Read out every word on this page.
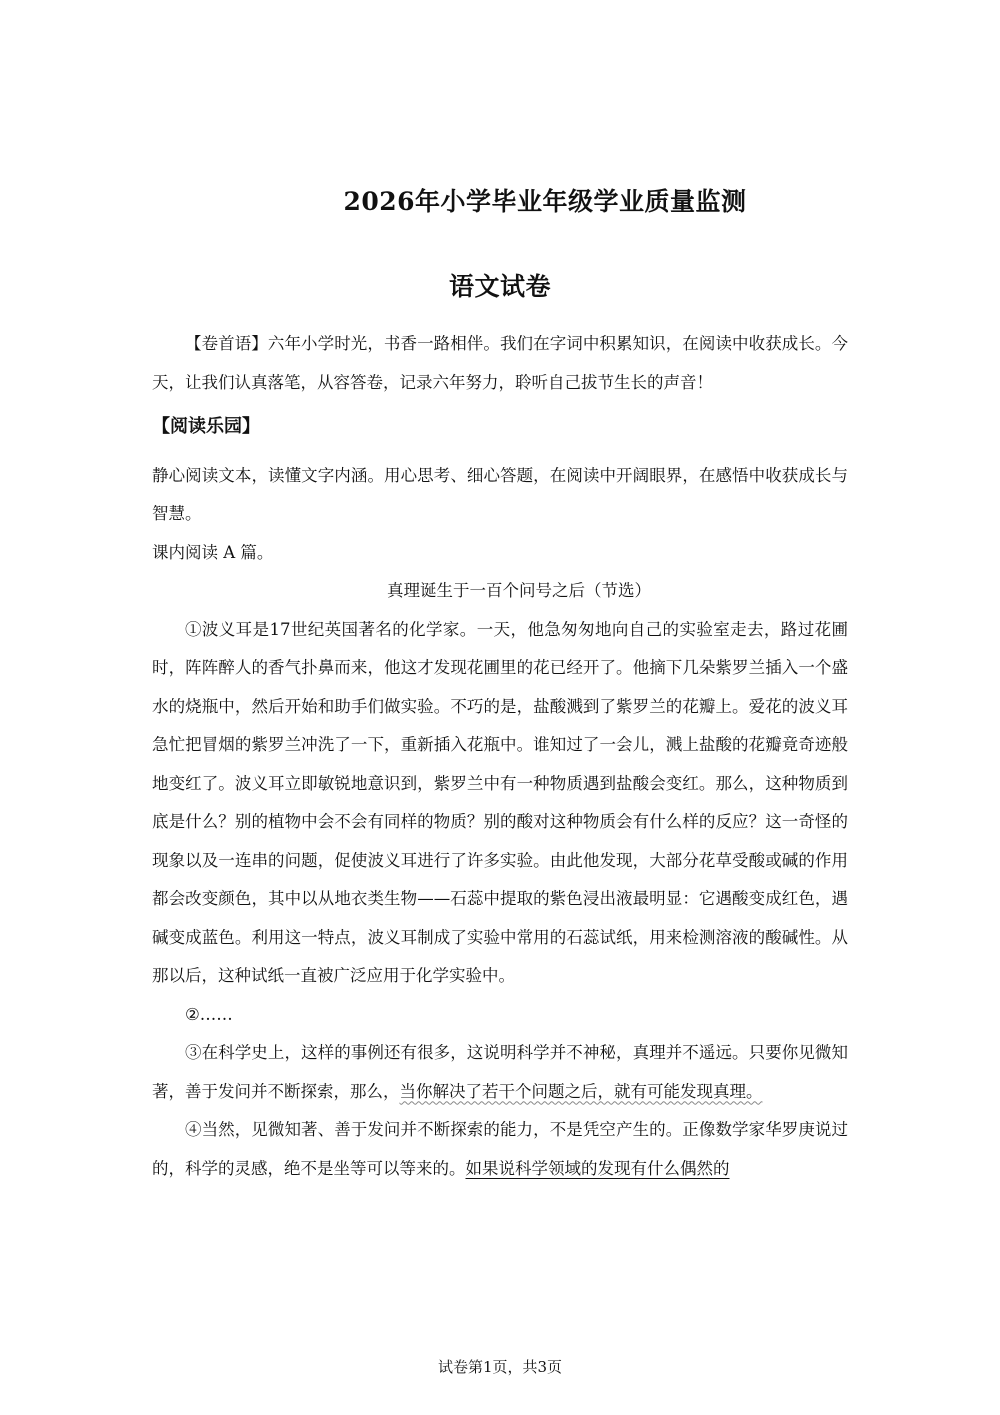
2026年小学毕业年级学业质量监测
语文试卷

【卷首语】六年小学时光，书香一路相伴。我们在字词中积累知识，在阅读中收获成长。今天，让我们认真落笔，从容答卷，记录六年努力，聆听自己拔节生长的声音！

【阅读乐园】

静心阅读文本，读懂文字内涵。用心思考、细心答题，在阅读中开阔眼界，在感悟中收获成长与智慧。

课内阅读 A 篇。

真理诞生于一百个问号之后（节选）

①波义耳是17世纪英国著名的化学家。一天，他急匆匆地向自己的实验室走去，路过花圃时，阵阵醉人的香气扑鼻而来，他这才发现花圃里的花已经开了。他摘下几朵紫罗兰插入一个盛水的烧瓶中，然后开始和助手们做实验。不巧的是，盐酸溅到了紫罗兰的花瓣上。爱花的波义耳急忙把冒烟的紫罗兰冲洗了一下，重新插入花瓶中。谁知过了一会儿，溅上盐酸的花瓣竟奇迹般地变红了。波义耳立即敏锐地意识到，紫罗兰中有一种物质遇到盐酸会变红。那么，这种物质到底是什么？别的植物中会不会有同样的物质？别的酸对这种物质会有什么样的反应？这一奇怪的现象以及一连串的问题，促使波义耳进行了许多实验。由此他发现，大部分花草受酸或碱的作用都会改变颜色，其中以从地衣类生物——石蕊中提取的紫色浸出液最明显：它遇酸变成红色，遇碱变成蓝色。利用这一特点，波义耳制成了实验中常用的石蕊试纸，用来检测溶液的酸碱性。从那以后，这种试纸一直被广泛应用于化学实验中。

②……

③在科学史上，这样的事例还有很多，这说明科学并不神秘，真理并不遥远。只要你见微知著，善于发问并不断探索，那么，当你解决了若干个问题之后，就有可能发现真理。

④当然，见微知著、善于发问并不断探索的能力，不是凭空产生的。正像数学家华罗庚说过的，科学的灵感，绝不是坐等可以等来的。如果说科学领域的发现有什么偶然的

试卷第1页，共3页
